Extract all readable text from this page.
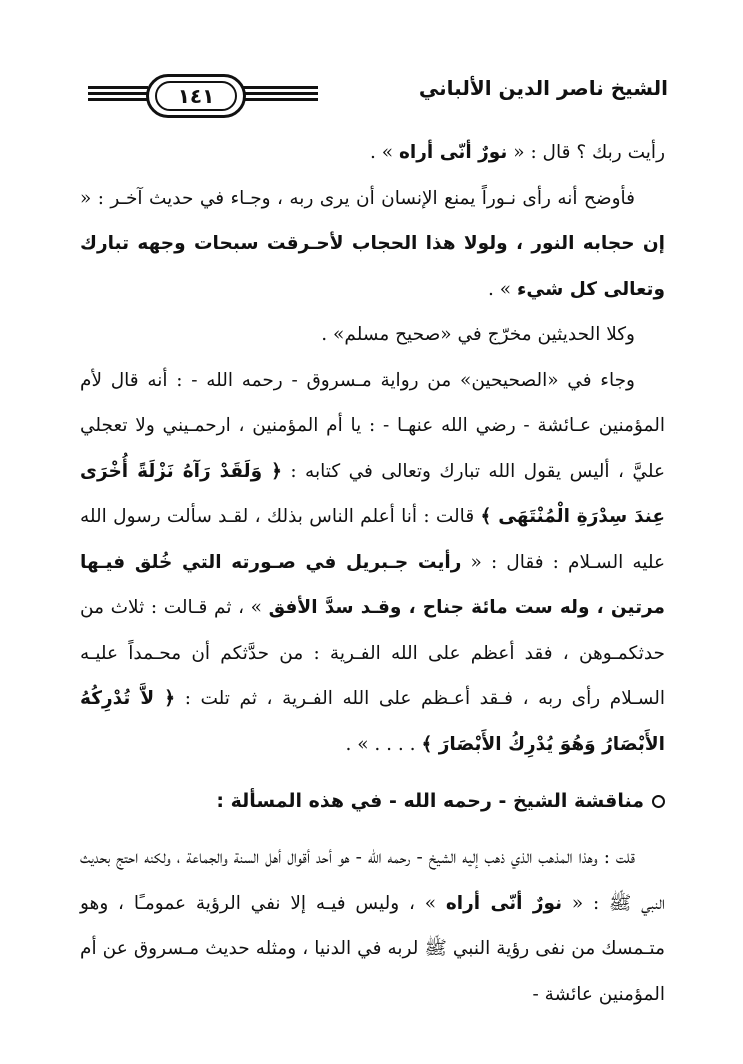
١٤١	الشيخ ناصر الدين الألباني

رأيت ربك ؟ قال : « نورٌ أنّى أراه » .

فأوضح أنه رأى نـوراً يمنع الإنسان أن يرى ربه ، وجـاء في حديث آخـر : « إن حجابه النور ، ولولا هذا الحجاب لأحـرقت سبحات وجهه تبارك وتعالى كل شيء » .

وكلا الحديثين مخرّج في «صحيح مسلم» .

وجاء في «الصحيحين» من رواية مـسروق - رحمه الله - : أنه قال لأم المؤمنين عـائشة - رضي الله عنهـا - : يا أم المؤمنين ، ارحمـيني ولا تعجلي عليَّ ، أليس يقول الله تبارك وتعالى في كتابه : ﴿ وَلَقَدْ رَآهُ نَزْلَةً أُخْرَى عِندَ سِدْرَةِ الْمُنْتَهَى ﴾ قالت : أنا أعلم الناس بذلك ، لقـد سألت رسول الله عليه السـلام : فقال : « رأيت جـبريل في صـورته التي خُلق فيـها مرتين ، وله ست مائة جناح ، وقـد سدَّ الأفق » ، ثم قـالت : ثلاث من حدثكمـوهن ، فقد أعظم على الله الفـرية : من حدَّثكم أن محـمداً عليـه السـلام رأى ربه ، فـقد أعـظم على الله الفـرية ، ثم تلت : ﴿ لاَّ تُدْرِكُهُ الأَبْصَارُ وَهُوَ يُدْرِكُ الأَبْصَارَ ﴾ . . . . » .

مناقشة الشيخ - رحمه الله - في هذه المسألة :

قلت : وهذا المذهب الذي ذهب إليه الشيخ - رحمه الله - هو أحد أقوال أهل السنة والجماعة ، ولكنه احتج بحديث النبي ﷺ : « نورٌ أنّى أراه » ، وليس فيـه إلا نفي الرؤية عمومـًا ، وهو متـمسك من نفى رؤية النبي ﷺ لربه في الدنيا ، ومثله حديث مـسروق عن أم المؤمنين عائشة -
